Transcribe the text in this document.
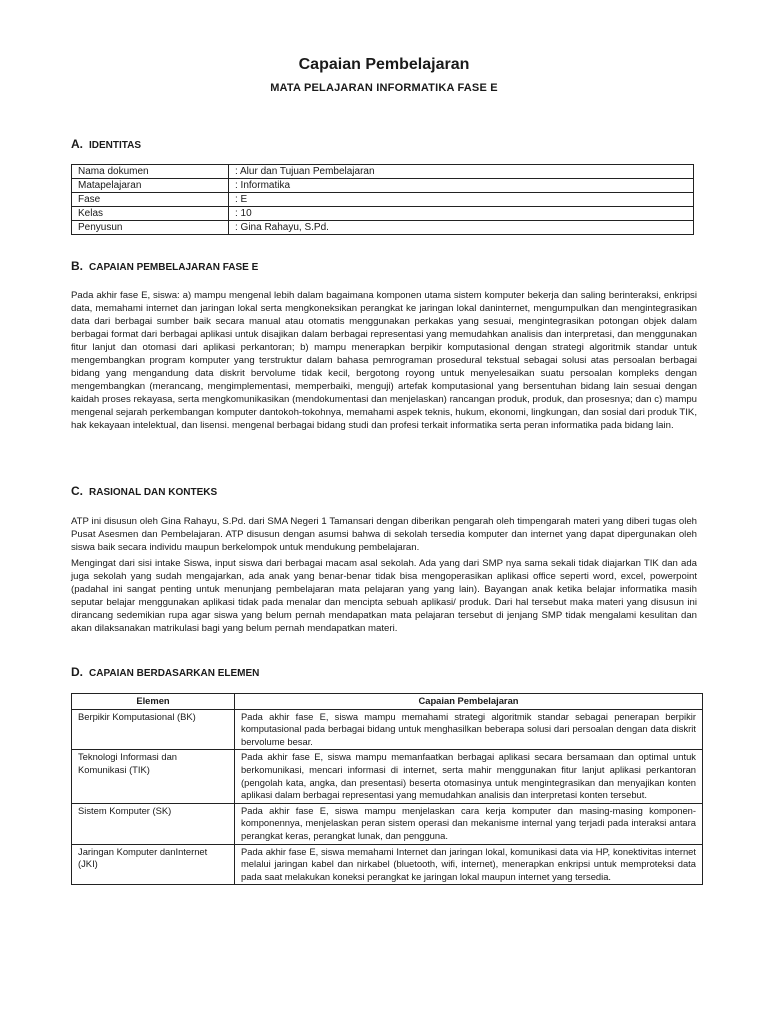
Capaian Pembelajaran
MATA PELAJARAN INFORMATIKA FASE E
A. IDENTITAS
Nama dokumen	: Alur dan Tujuan Pembelajaran
Matapelajaran	: Informatika
Fase	: E
Kelas	: 10
Penyusun	: Gina Rahayu, S.Pd.
B. CAPAIAN PEMBELAJARAN FASE E

Pada akhir fase E, siswa: a) mampu mengenal lebih dalam bagaimana komponen utama sistem komputer bekerja dan saling berinteraksi, enkripsi data, memahami internet dan jaringan lokal serta mengkoneksikan perangkat ke jaringan lokal daninternet, mengumpulkan dan mengintegrasikan data dari berbagai sumber baik secara manual atau otomatis menggunakan perkakas yang sesuai, mengintegrasikan potongan objek dalam berbagai format dari berbagai aplikasi untuk disajikan dalam berbagai representasi yang memudahkan analisis dan interpretasi, dan menggunakan fitur lanjut dan otomasi dari aplikasi perkantoran; b) mampu menerapkan berpikir komputasional dengan strategi algoritmik standar untuk mengembangkan program komputer yang terstruktur dalam bahasa pemrograman prosedural tekstual sebagai solusi atas persoalan berbagai bidang yang mengandung data diskrit bervolume tidak kecil, bergotong royong untuk menyelesaikan suatu persoalan kompleks dengan mengembangkan (merancang, mengimplementasi, memperbaiki, menguji) artefak komputasional yang bersentuhan bidang lain sesuai dengan kaidah proses rekayasa, serta mengkomunikasikan (mendokumentasi dan menjelaskan) rancangan produk, produk, dan prosesnya; dan c) mampu mengenal sejarah perkembangan komputer dantokoh-tokohnya, memahami aspek teknis, hukum, ekonomi, lingkungan, dan sosial dari produk TIK, hak kekayaan intelektual, dan lisensi. mengenal berbagai bidang studi dan profesi terkait informatika serta peran informatika pada bidang lain.

C. RASIONAL DAN KONTEKS

ATP ini disusun oleh Gina Rahayu, S.Pd. dari SMA Negeri 1 Tamansari dengan diberikan pengarah oleh timpengarah materi yang diberi tugas oleh Pusat Asesmen dan Pembelajaran. ATP disusun dengan asumsi bahwa di sekolah tersedia komputer dan internet yang dapat dipergunakan oleh siswa baik secara individu maupun berkelompok untuk mendukung pembelajaran.

Mengingat dari sisi intake Siswa, input siswa dari berbagai macam asal sekolah. Ada yang dari SMP nya sama sekali tidak diajarkan TIK dan ada juga sekolah yang sudah mengajarkan, ada anak yang benar-benar tidak bisa mengoperasikan aplikasi office seperti word, excel, powerpoint (padahal ini sangat penting untuk menunjang pembelajaran mata pelajaran yang yang lain). Bayangan anak ketika belajar informatika masih seputar belajar menggunakan aplikasi tidak pada menalar dan mencipta sebuah aplikasi/ produk. Dari hal tersebut maka materi yang disusun ini dirancang sedemikian rupa agar siswa yang belum pernah mendapatkan mata pelajaran tersebut di jenjang SMP tidak mengalami kesulitan dan akan dilaksanakan matrikulasi bagi yang belum pernah mendapatkan materi.

D. CAPAIAN BERDASARKAN ELEMEN
Elemen	Capaian Pembelajaran
Berpikir Komputasional (BK)	Pada akhir fase E, siswa mampu memahami strategi algoritmik standar sebagai penerapan berpikir komputasional pada berbagai bidang untuk menghasilkan beberapa solusi dari persoalan dengan data diskrit bervolume besar.
Teknologi Informasi dan Komunikasi (TIK)	Pada akhir fase E, siswa mampu memanfaatkan berbagai aplikasi secara bersamaan dan optimal untuk berkomunikasi, mencari informasi di internet, serta mahir menggunakan fitur lanjut aplikasi perkantoran (pengolah kata, angka, dan presentasi) beserta otomasinya untuk mengintegrasikan dan menyajikan konten aplikasi dalam berbagai representasi yang memudahkan analisis dan interpretasi konten tersebut.
Sistem Komputer (SK)	Pada akhir fase E, siswa mampu menjelaskan cara kerja komputer dan masing-masing komponen-komponennya, menjelaskan peran sistem operasi dan mekanisme internal yang terjadi pada interaksi antara perangkat keras, perangkat lunak, dan pengguna.
Jaringan Komputer danInternet (JKI)	Pada akhir fase E, siswa memahami Internet dan jaringan lokal, komunikasi data via HP, konektivitas internet melalui jaringan kabel dan nirkabel (bluetooth, wifi, internet), menerapkan enkripsi untuk memproteksi data pada saat melakukan koneksi perangkat ke jaringan lokal maupun internet yang tersedia.
